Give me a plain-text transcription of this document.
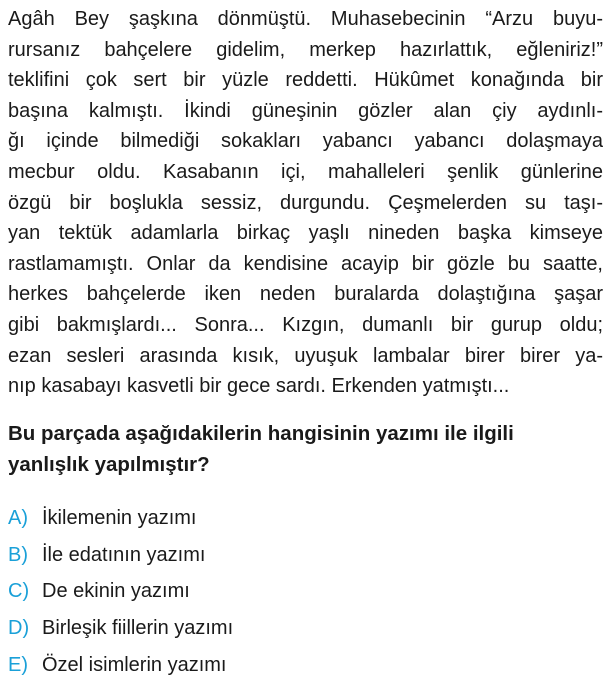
Agâh Bey şaşkına dönmüştü. Muhasebecinin “Arzu buyu-
rursanız bahçelere gidelim, merkep hazırlattık, eğleniriz!”
teklifini çok sert bir yüzle reddetti. Hükûmet konağında bir
başına kalmıştı. İkindi güneşinin gözler alan çiy aydınlı-
ğı içinde bilmediği sokakları yabancı yabancı dolaşmaya
mecbur oldu. Kasabanın içi, mahalleleri şenlik günlerine
özgü bir boşlukla sessiz, durgundu. Çeşmelerden su taşı-
yan tektük adamlarla birkaç yaşlı nineden başka kimseye
rastlamamıştı. Onlar da kendisine acayip bir gözle bu saatte,
herkes bahçelerde iken neden buralarda dolaştığına şaşar
gibi bakmışlardı... Sonra... Kızgın, dumanlı bir gurup oldu;
ezan sesleri arasında kısık, uyuşuk lambalar birer birer ya-
nıp kasabayı kasvetli bir gece sardı. Erkenden yatmıştı...
Bu parçada aşağıdakilerin hangisinin yazımı ile ilgili
yanlışlık yapılmıştır?
A) İkilemenin yazımı
B) İle edatının yazımı
C) De ekinin yazımı
D) Birleşik fiillerin yazımı
E) Özel isimlerin yazımı
